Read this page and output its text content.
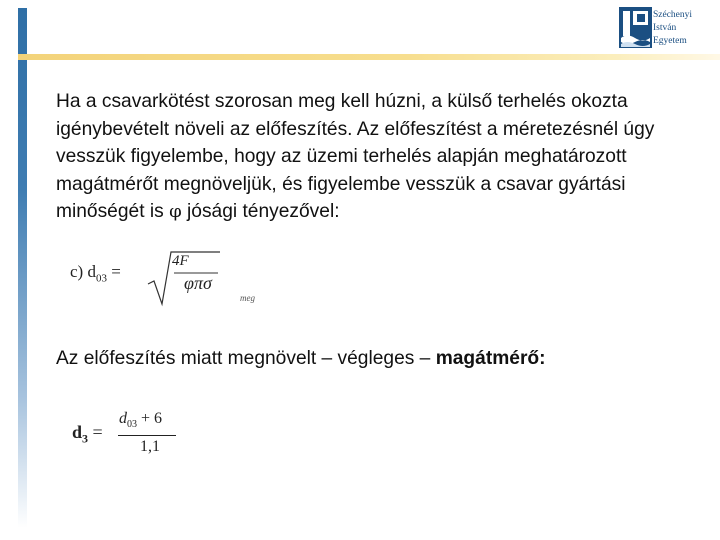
Széchenyi
István
Egyetem
Ha a csavarkötést szorosan meg kell húzni, a külső terhelés okozta igénybevételt növeli az előfeszítés. Az előfeszítést a méretezésnél úgy vesszük figyelembe, hogy az üzemi terhelés alapján meghatározott magátmérőt megnöveljük, és figyelembe vesszük a csavar gyártási minőségét is φ jósági tényezővel:
c) $d_{03}$ =
4F
φπσ
meg
Az előfeszítés miatt megnövelt – végleges – magátmérő:
$d_3$ =
$d_{03} + 6$
1,1
